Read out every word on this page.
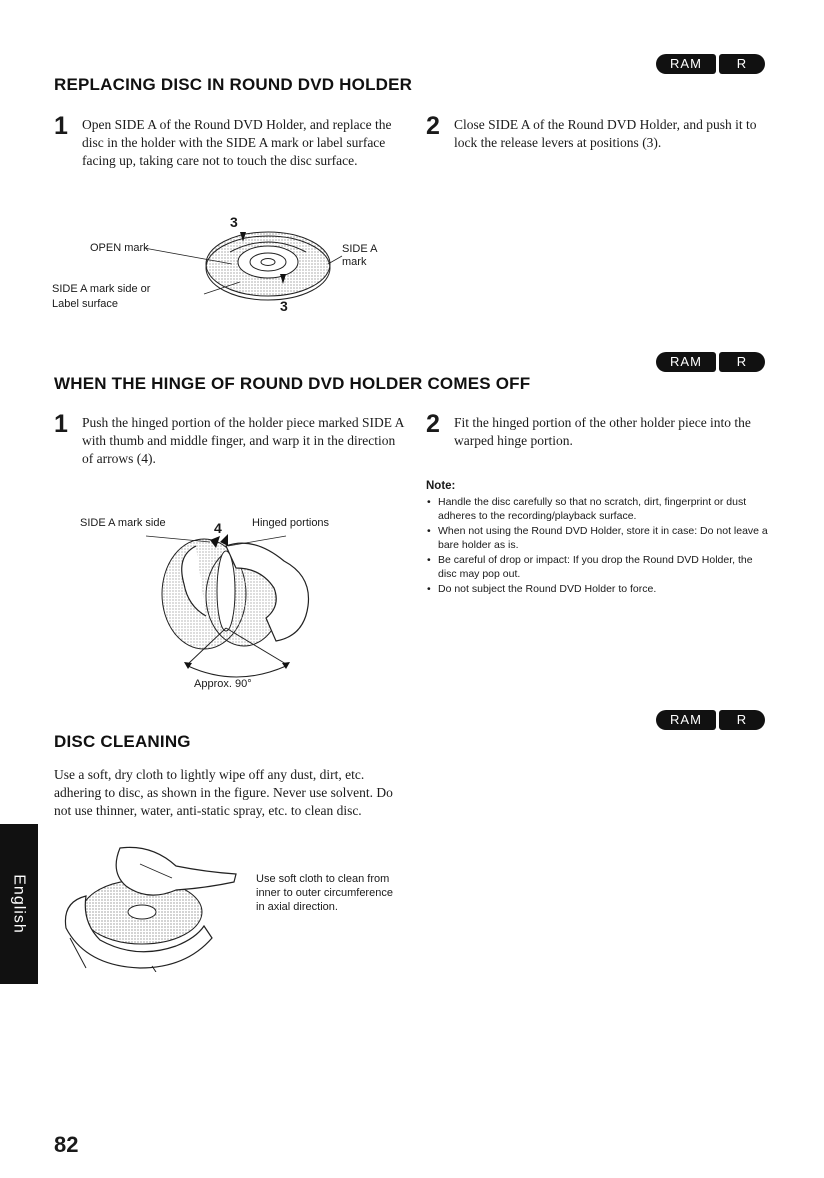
RAM	R
REPLACING DISC IN ROUND DVD HOLDER
1	Open SIDE A of the Round DVD Holder, and replace the disc in the holder with the SIDE A mark or label surface facing up, taking care not to touch the disc surface.
2	Close SIDE A of the Round DVD Holder, and push it to lock the release levers at positions (3).
3
3
OPEN mark	SIDE A
mark
SIDE A mark side or
Label surface
RAM	R
WHEN THE HINGE OF ROUND DVD HOLDER COMES OFF
1	Push the hinged portion of the holder piece marked SIDE A with thumb and middle finger, and warp it in the direction of arrows (4).
2	Fit the hinged portion of the other holder piece into the warped hinge portion.
SIDE A mark side	4	Hinged portions
Approx. 90°
Note:
• Handle the disc carefully so that no scratch, dirt, fingerprint or dust adheres to the recording/playback surface.
• When not using the Round DVD Holder, store it in case: Do not leave a bare holder as is.
• Be careful of drop or impact: If you drop the Round DVD Holder, the disc may pop out.
• Do not subject the Round DVD Holder to force.
RAM	R
DISC CLEANING
Use a soft, dry cloth to lightly wipe off any dust, dirt, etc. adhering to disc, as shown in the figure. Never use solvent. Do not use thinner, water, anti-static spray, etc. to clean disc.
Use soft cloth to clean from inner to outer circumference in axial direction.
English
82
